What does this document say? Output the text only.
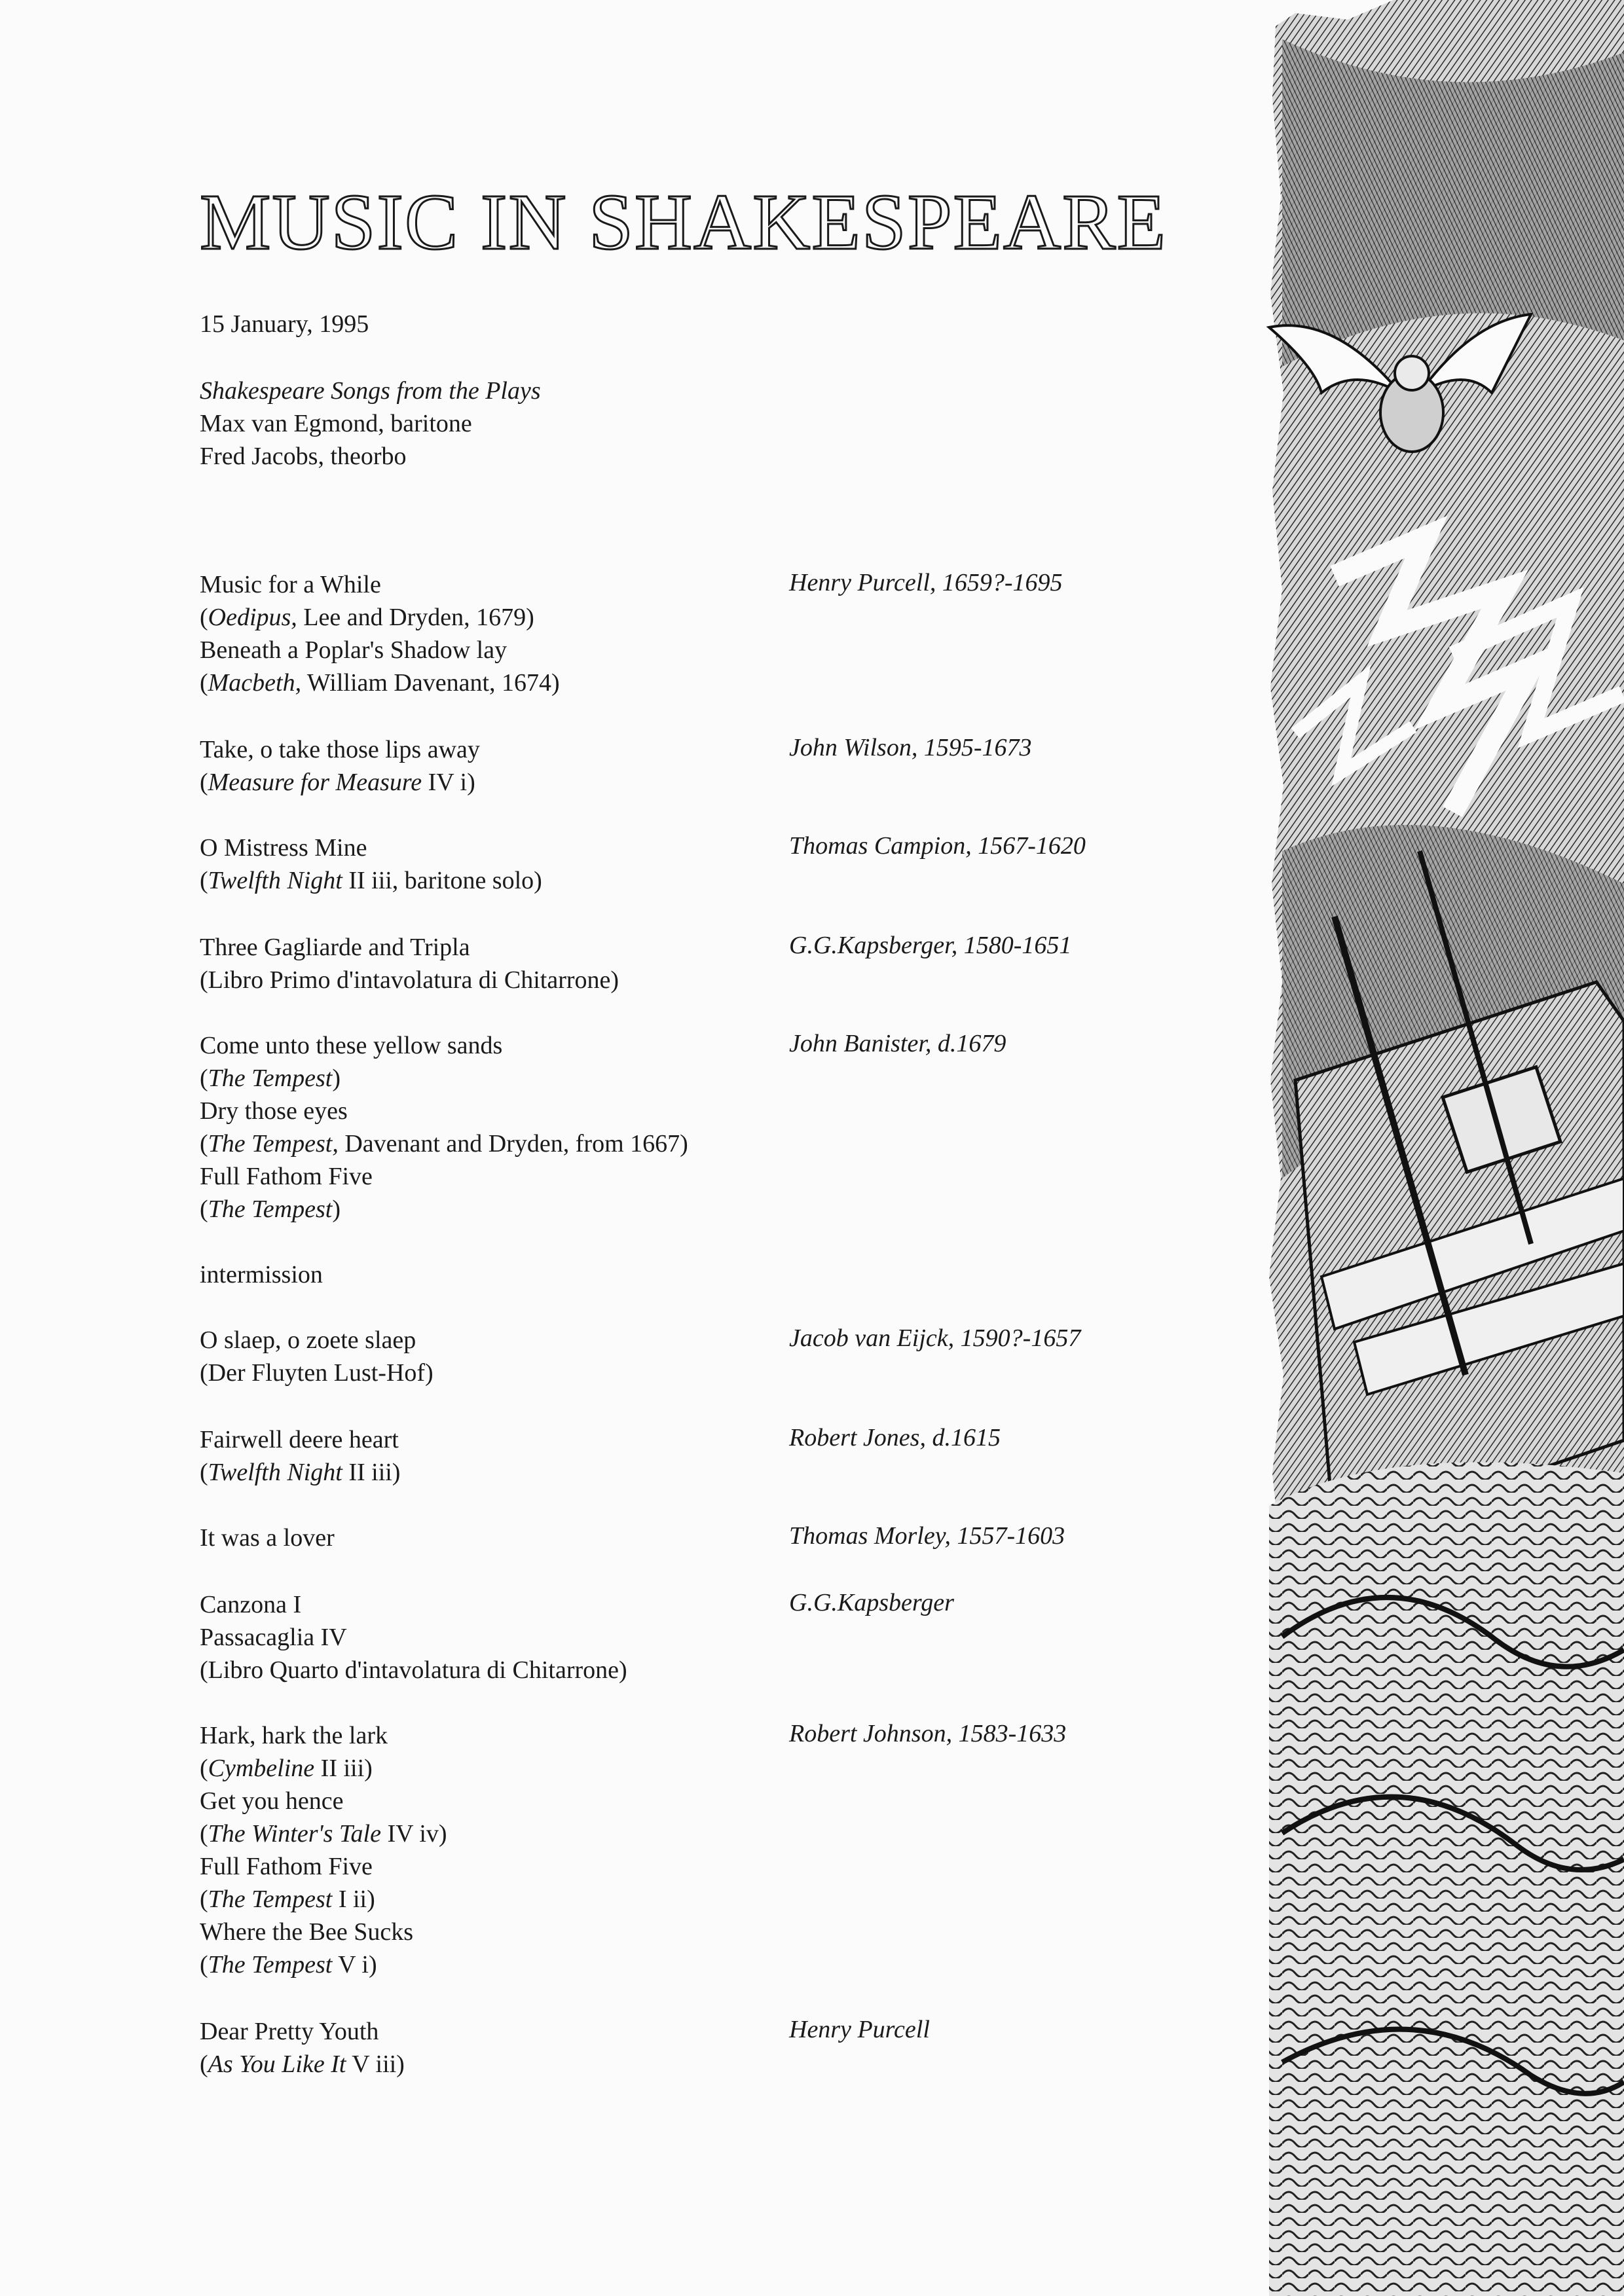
MUSIC IN SHAKESPEARE
15 January, 1995
Shakespeare Songs from the Plays
Max van Egmond, baritone
Fred Jacobs, theorbo
Music for a While	Henry Purcell, 1659?-1695
(Oedipus, Lee and Dryden, 1679)
Beneath a Poplar's Shadow lay
(Macbeth, William Davenant, 1674)
Take, o take those lips away	John Wilson, 1595-1673
(Measure for Measure IV i)
O Mistress Mine	Thomas Campion, 1567-1620
(Twelfth Night II iii, baritone solo)
Three Gagliarde and Tripla	G.G.Kapsberger, 1580-1651
(Libro Primo d'intavolatura di Chitarrone)
Come unto these yellow sands	John Banister, d.1679
(The Tempest)
Dry those eyes
(The Tempest, Davenant and Dryden, from 1667)
Full Fathom Five
(The Tempest)
intermission
O slaep, o zoete slaep	Jacob van Eijck, 1590?-1657
(Der Fluyten Lust-Hof)
Fairwell deere heart	Robert Jones, d.1615
(Twelfth Night II iii)
It was a lover	Thomas Morley, 1557-1603
Canzona I	G.G.Kapsberger
Passacaglia IV
(Libro Quarto d'intavolatura di Chitarrone)
Hark, hark the lark	Robert Johnson, 1583-1633
(Cymbeline II iii)
Get you hence
(The Winter's Tale IV iv)
Full Fathom Five
(The Tempest I ii)
Where the Bee Sucks
(The Tempest V i)
Dear Pretty Youth	Henry Purcell
(As You Like It V iii)
